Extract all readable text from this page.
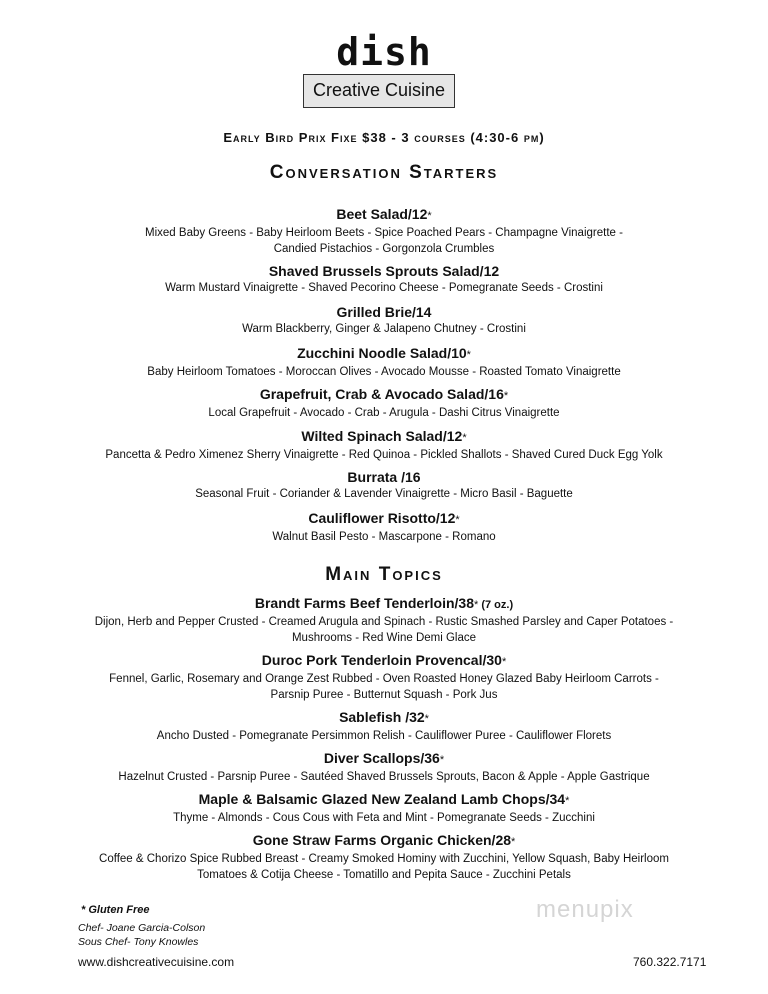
dish
Creative Cuisine
Early Bird Prix Fixe $38 - 3 courses (4:30-6 pm)
Conversation Starters
Beet Salad/12*
Mixed Baby Greens - Baby Heirloom Beets - Spice Poached Pears - Champagne Vinaigrette -
Candied Pistachios - Gorgonzola Crumbles
Shaved Brussels Sprouts Salad/12
Warm Mustard Vinaigrette - Shaved Pecorino Cheese - Pomegranate Seeds - Crostini
Grilled Brie/14
Warm Blackberry, Ginger & Jalapeno Chutney - Crostini
Zucchini Noodle Salad/10*
Baby Heirloom Tomatoes - Moroccan Olives - Avocado Mousse - Roasted Tomato Vinaigrette
Grapefruit, Crab & Avocado Salad/16*
Local Grapefruit - Avocado - Crab - Arugula - Dashi Citrus Vinaigrette
Wilted Spinach Salad/12*
Pancetta & Pedro Ximenez Sherry Vinaigrette - Red Quinoa - Pickled Shallots - Shaved Cured Duck Egg Yolk
Burrata /16
Seasonal Fruit - Coriander & Lavender Vinaigrette - Micro Basil - Baguette
Cauliflower Risotto/12*
Walnut Basil Pesto - Mascarpone - Romano
Main Topics
Brandt Farms Beef Tenderloin/38* (7 oz.)
Dijon, Herb and Pepper Crusted - Creamed Arugula and Spinach - Rustic Smashed Parsley and Caper Potatoes -
Mushrooms - Red Wine Demi Glace
Duroc Pork Tenderloin Provencal/30*
Fennel, Garlic, Rosemary and Orange Zest Rubbed - Oven Roasted Honey Glazed Baby Heirloom Carrots -
Parsnip Puree - Butternut Squash - Pork Jus
Sablefish /32*
Ancho Dusted - Pomegranate Persimmon Relish - Cauliflower Puree - Cauliflower Florets
Diver Scallops/36*
Hazelnut Crusted - Parsnip Puree - Sautéed Shaved Brussels Sprouts, Bacon & Apple - Apple Gastrique
Maple & Balsamic Glazed New Zealand Lamb Chops/34*
Thyme - Almonds - Cous Cous with Feta and Mint - Pomegranate Seeds - Zucchini
Gone Straw Farms Organic Chicken/28*
Coffee & Chorizo Spice Rubbed Breast - Creamy Smoked Hominy with Zucchini, Yellow Squash, Baby Heirloom
Tomatoes & Cotija Cheese - Tomatillo and Pepita Sauce - Zucchini Petals
menupix
* Gluten Free
Chef- Joane Garcia-Colson
Sous Chef- Tony Knowles
www.dishcreativecuisine.com	760.322.7171
